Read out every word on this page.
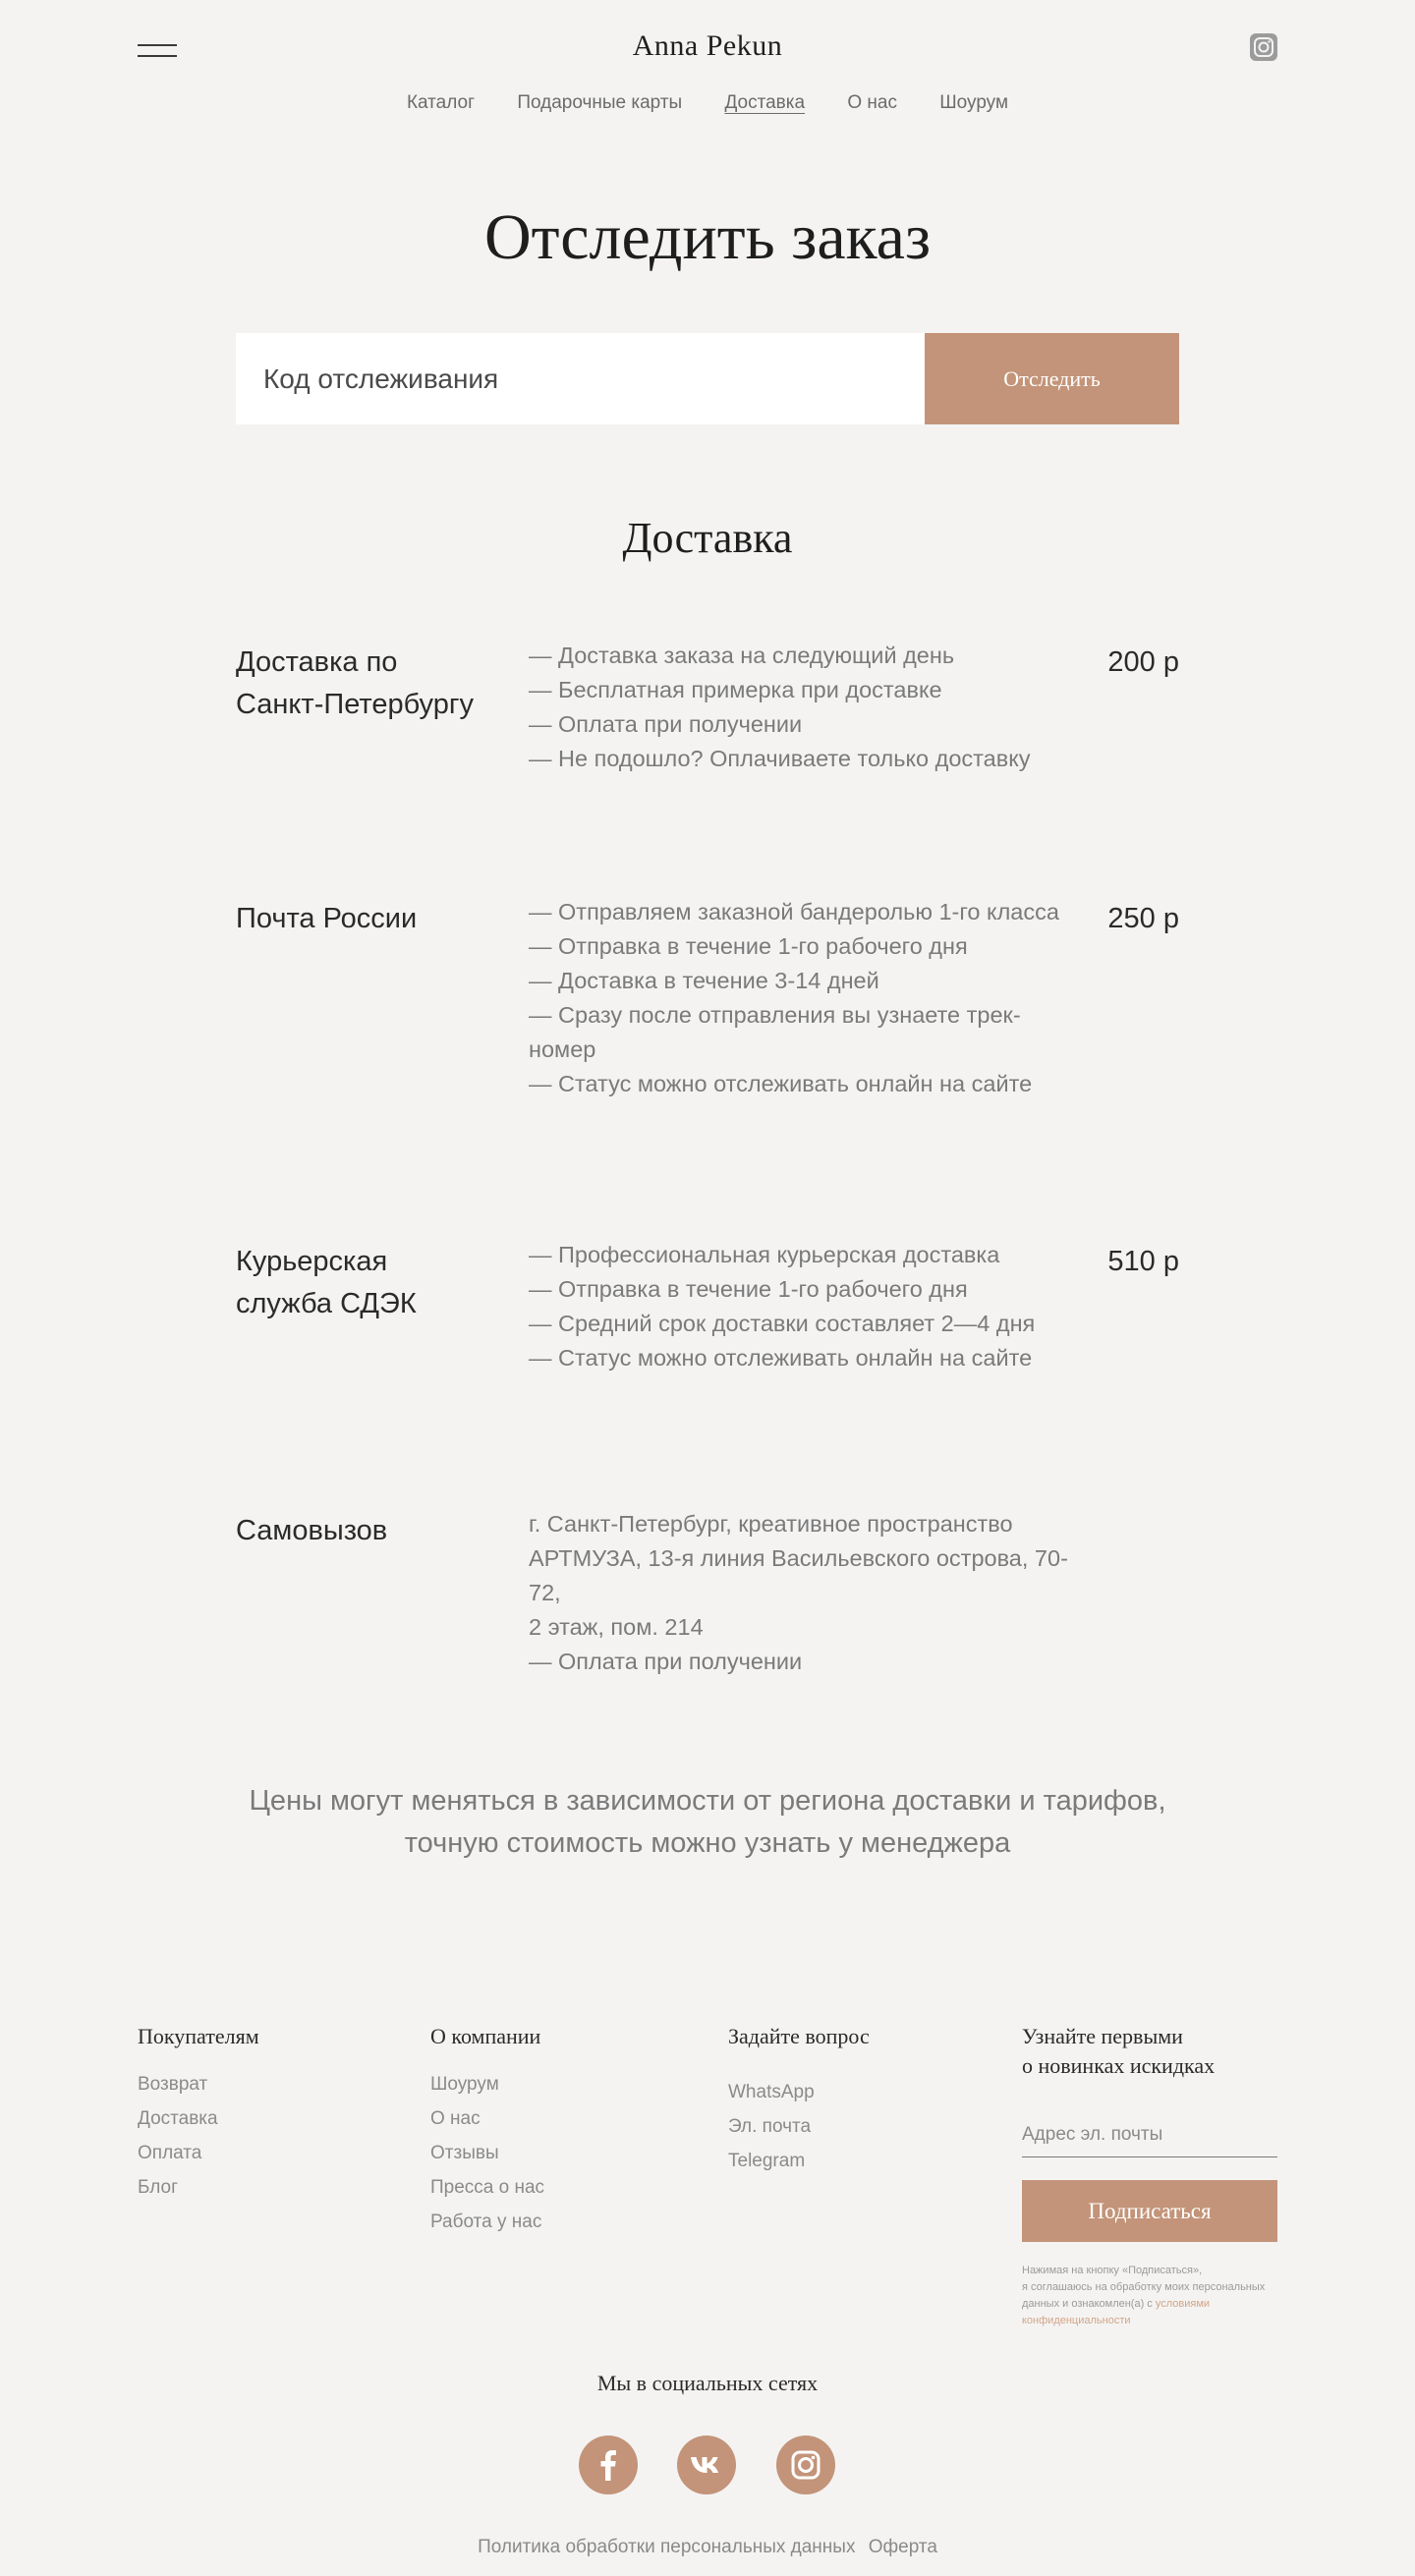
Anna Pekun
Каталог Подарочные карты Доставка О нас Шоурум
Отследить заказ
Код отслеживания
Отследить
Доставка
Доставка по
Санкт-Петербургу
— Доставка заказа на следующий день
— Бесплатная примерка при доставке
— Оплата при получении
— Не подошло? Оплачиваете только доставку
200 р
Почта России	— Отправляем заказной бандеролью 1-го класса
— Отправка в течение 1-го рабочего дня
— Доставка в течение 3-14 дней
— Сразу после отправления вы узнаете трек-номер
— Статус можно отслеживать онлайн на сайте
250 р
Курьерская
служба СДЭК
— Профессиональная курьерская доставка
— Отправка в течение 1-го рабочего дня
— Средний срок доставки составляет 2—4 дня
— Статус можно отслеживать онлайн на сайте
510 р
Самовызов	г. Санкт-Петербург, креативное пространство
АРТМУЗА, 13-я линия Васильевского острова, 70-72,
2 этаж, пом. 214
— Оплата при получении
Цены могут меняться в зависимости от региона доставки и тарифов,
точную стоимость можно узнать у менеджера
Покупателям
Возврат
Доставка
Оплата
Блог
О компании
Шоурум
О нас
Отзывы
Пресса о нас
Работа у нас
Задайте вопрос
WhatsApp
Эл. почта
Telegram
Узнайте первыми
о новинках искидках
Адрес эл. почты
Подписаться
Нажимая на кнопку «Подписаться»,
я соглашаюсь на обработку моих персональных
данных и ознакомлен(а) с условиями
конфиденциальности
Мы в социальных сетях
Политика обработки персональных данных Оферта
